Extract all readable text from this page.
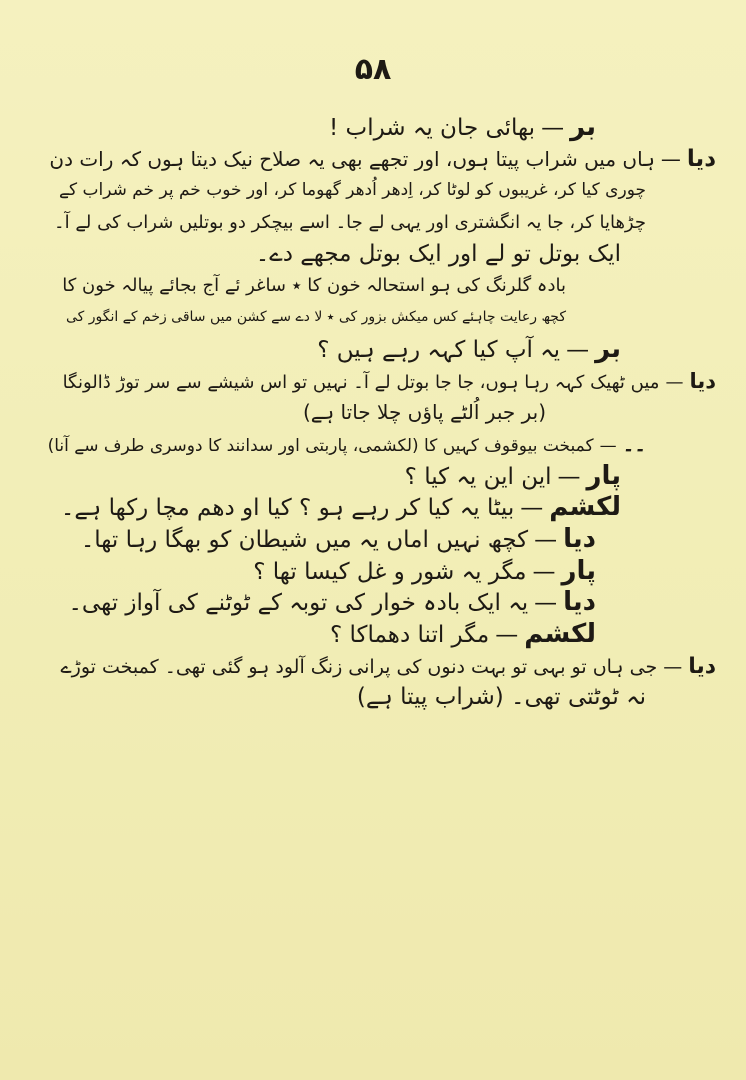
۵۸
بر—بھائی جان یہ شراب !
دیا—ہاں میں شراب پیتا ہوں، اور تجھے بھی یہ صلاح نیک دیتا ہوں کہ رات دن
چوری کیا کر، غریبوں کو لوٹا کر، اِدھر اُدھر گھوما کر، اور خوب خم پر خم شراب کے
چڑھایا کر، جا یہ انگشتری اور یہی لے جا۔ اسے بیچکر دو بوتلیں شراب کی لے آ۔
ایک بوتل تو لے اور ایک بوتل مجھے دے۔
بادہ گلرنگ کی ہو استحالہ خون کا ٭ ساغر ئے آج بجائے پیالہ خون کا
کچھ رعایت چاہئے کس میکش بزور کی ٭ لا دے سے کشن میں ساقی زخم کے انگور کی
بر—یہ آپ کیا کہہ رہے ہیں ؟
دیا—میں ٹھیک کہہ رہا ہوں، جا جا بوتل لے آ۔ نہیں تو اس شیشے سے سر توڑ ڈالونگا
(بر جبر اُلٹے پاؤں چلا جاتا ہے)
۔۔—کمبخت بیوقوف کہیں کا (لکشمی، پاربتی اور سدانند کا دوسری طرف سے آنا)
پار—این این یہ کیا ؟
لکشم—بیٹا یہ کیا کر رہے ہو ؟ کیا او دھم مچا رکھا ہے۔
دیا—کچھ نہیں اماں یہ میں شیطان کو بھگا رہا تھا۔
پار—مگر یہ شور و غل کیسا تھا ؟
دیا—یہ ایک بادہ خوار کی توبہ کے ٹوٹنے کی آواز تھی۔
لکشم—مگر اتنا دھماکا ؟
دیا—جی ہاں تو بہی تو بہت دنوں کی پرانی زنگ آلود ہو گئی تھی۔ کمبخت توڑے
نہ ٹوٹتی تھی۔ (شراب پیتا ہے)
